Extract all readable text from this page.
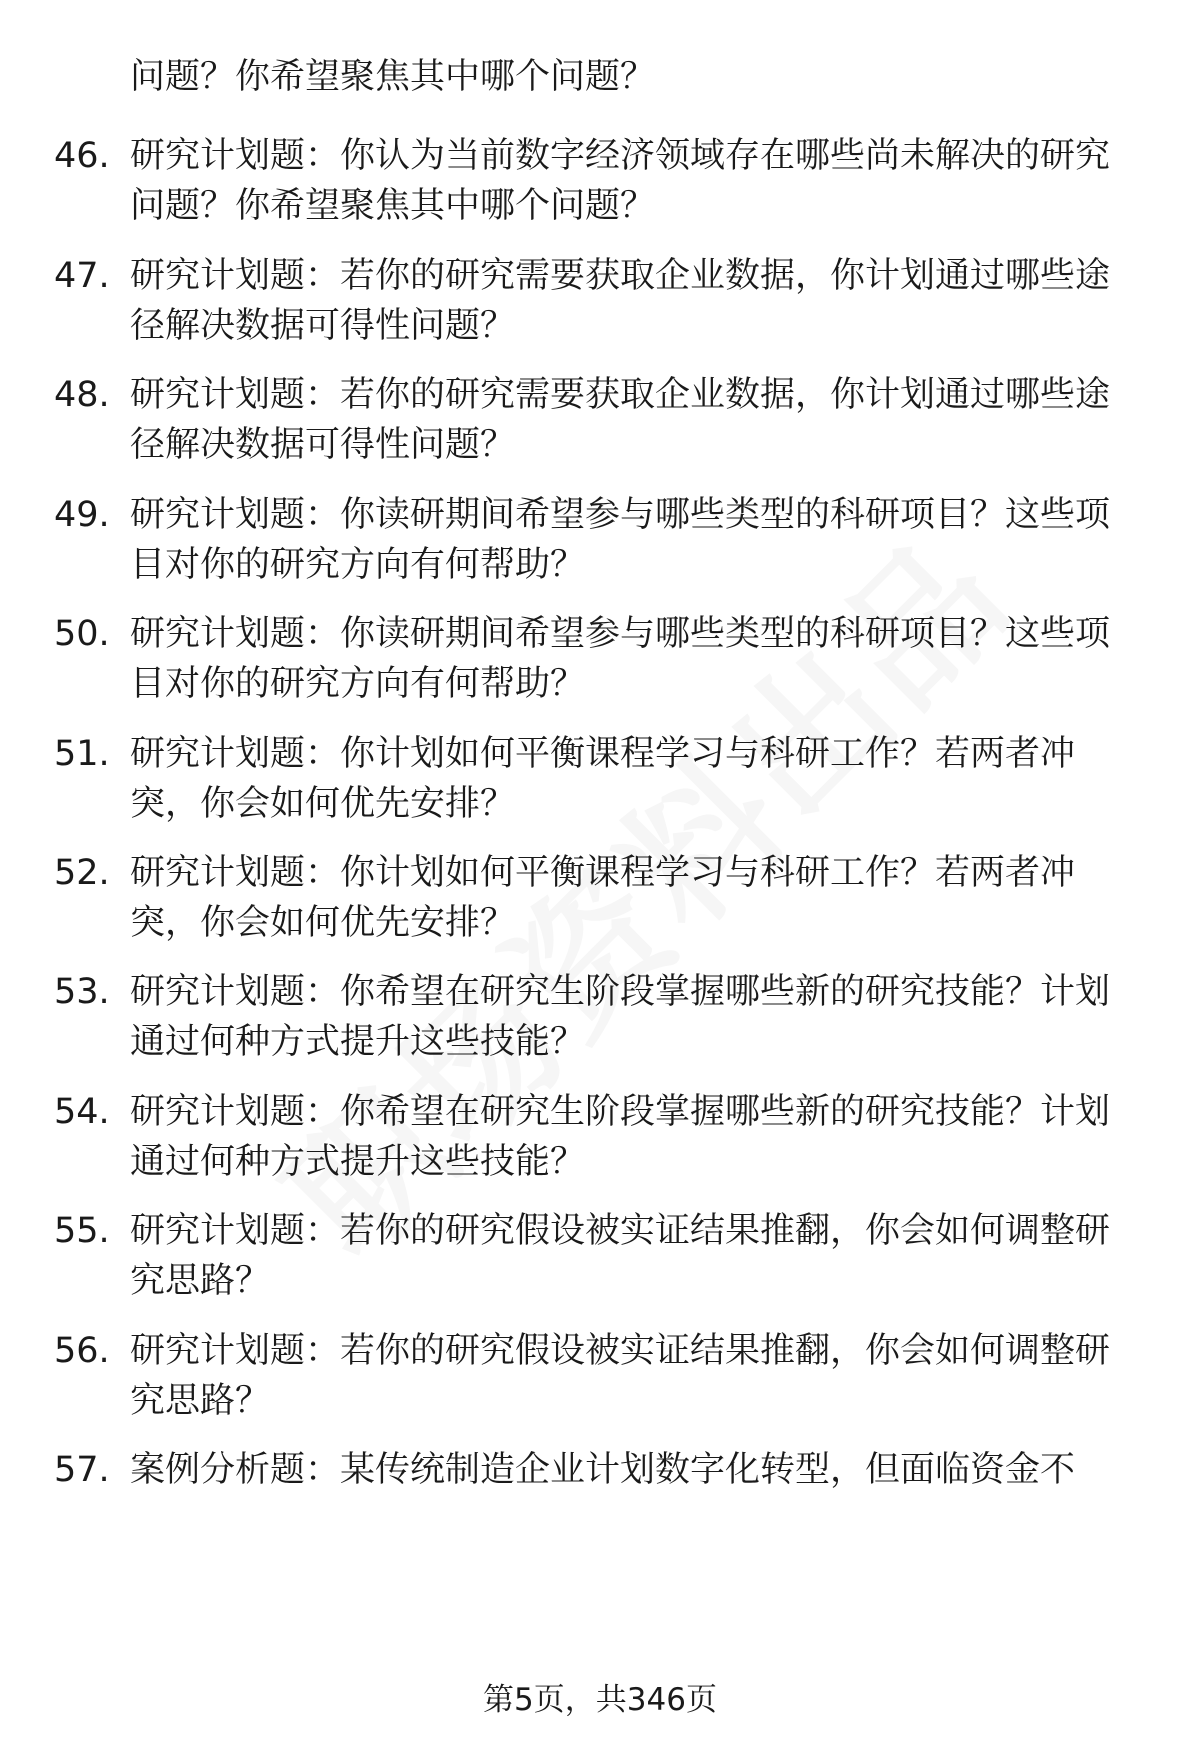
问题？你希望聚焦其中哪个问题？
46. 研究计划题：你认为当前数字经济领域存在哪些尚未解决的研究问题？你希望聚焦其中哪个问题？
47. 研究计划题：若你的研究需要获取企业数据，你计划通过哪些途径解决数据可得性问题？
48. 研究计划题：若你的研究需要获取企业数据，你计划通过哪些途径解决数据可得性问题？
49. 研究计划题：你读研期间希望参与哪些类型的科研项目？这些项目对你的研究方向有何帮助？
50. 研究计划题：你读研期间希望参与哪些类型的科研项目？这些项目对你的研究方向有何帮助？
51. 研究计划题：你计划如何平衡课程学习与科研工作？若两者冲突，你会如何优先安排？
52. 研究计划题：你计划如何平衡课程学习与科研工作？若两者冲突，你会如何优先安排？
53. 研究计划题：你希望在研究生阶段掌握哪些新的研究技能？计划通过何种方式提升这些技能？
54. 研究计划题：你希望在研究生阶段掌握哪些新的研究技能？计划通过何种方式提升这些技能？
55. 研究计划题：若你的研究假设被实证结果推翻，你会如何调整研究思路？
56. 研究计划题：若你的研究假设被实证结果推翻，你会如何调整研究思路？
57. 案例分析题：某传统制造企业计划数字化转型，但面临资金不
第5页，共346页
